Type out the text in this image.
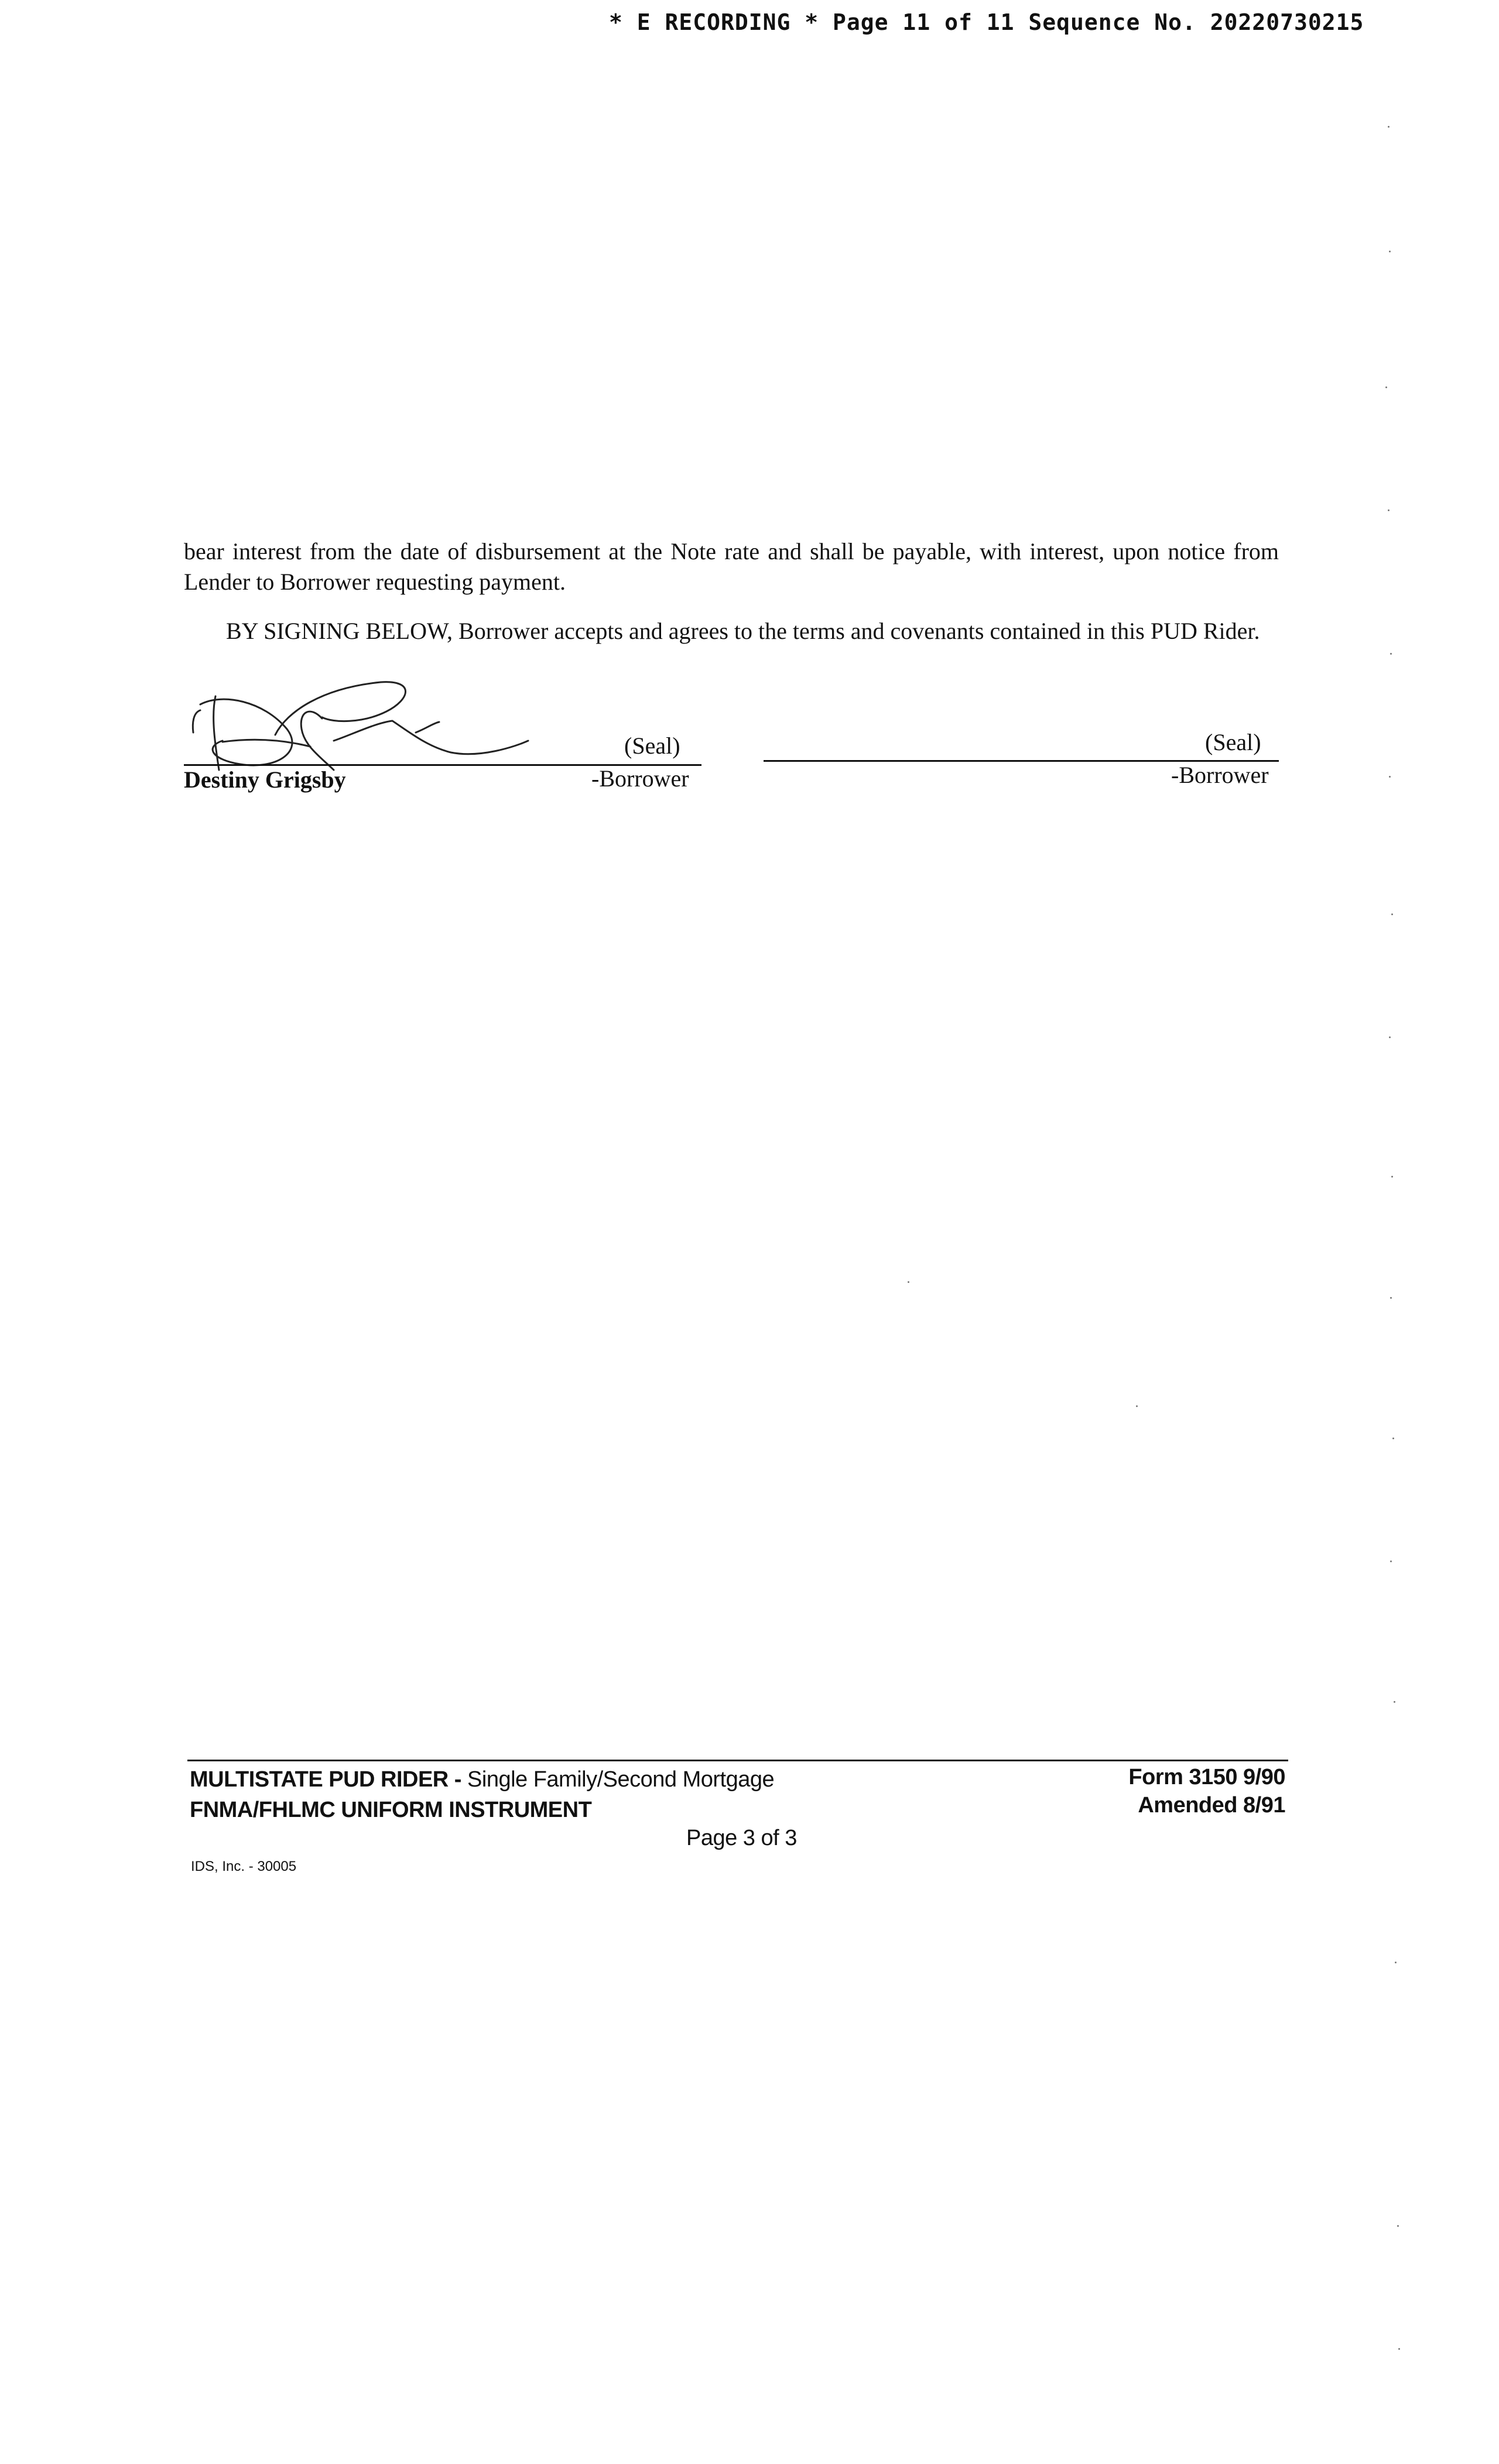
* E RECORDING * Page 11 of 11 Sequence No. 20220730215
bear interest from the date of disbursement at the Note rate and shall be payable, with interest, upon notice from Lender to Borrower requesting payment.
BY SIGNING BELOW, Borrower accepts and agrees to the terms and covenants contained in this PUD Rider.
(Seal)
Destiny Grigsby	-Borrower
(Seal)
-Borrower
MULTISTATE PUD RIDER - Single Family/Second Mortgage
FNMA/FHLMC UNIFORM INSTRUMENT
Form 3150 9/90
Amended 8/91
Page 3 of 3
IDS, Inc. - 30005
